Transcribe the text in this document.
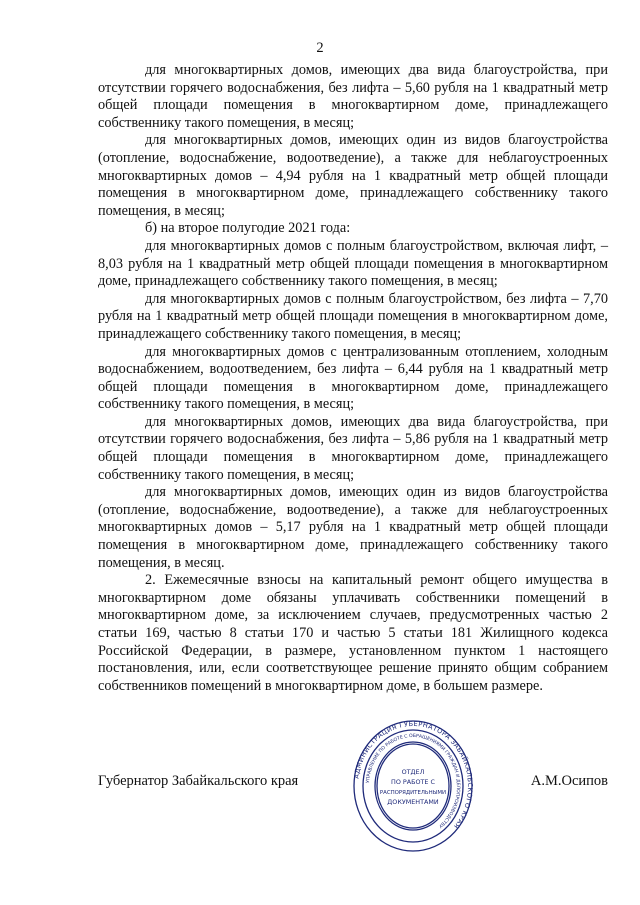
2

для многоквартирных домов, имеющих два вида благоустройства, при отсутствии горячего водоснабжения, без лифта – 5,60 рубля на 1 квадратный метр общей площади помещения в многоквартирном доме, принадлежащего собственнику такого помещения, в месяц;

для многоквартирных домов, имеющих один из видов благоустройства (отопление, водоснабжение, водоотведение), а также для неблагоустроенных многоквартирных домов – 4,94 рубля на 1 квадратный метр общей площади помещения в многоквартирном доме, принадлежащего собственнику такого помещения, в месяц;

б) на второе полугодие 2021 года:

для многоквартирных домов с полным благоустройством, включая лифт, – 8,03 рубля на 1 квадратный метр общей площади помещения в многоквартирном доме, принадлежащего собственнику такого помещения, в месяц;

для многоквартирных домов с полным благоустройством, без лифта – 7,70 рубля на 1 квадратный метр общей площади помещения в многоквартирном доме, принадлежащего собственнику такого помещения, в месяц;

для многоквартирных домов с централизованным отоплением, холодным водоснабжением, водоотведением, без лифта – 6,44 рубля на 1 квадратный метр общей площади помещения в многоквартирном доме, принадлежащего собственнику такого помещения, в месяц;

для многоквартирных домов, имеющих два вида благоустройства, при отсутствии горячего водоснабжения, без лифта – 5,86 рубля на 1 квадратный метр общей площади помещения в многоквартирном доме, принадлежащего собственнику такого помещения, в месяц;

для многоквартирных домов, имеющих один из видов благоустройства (отопление, водоснабжение, водоотведение), а также для неблагоустроенных многоквартирных домов – 5,17 рубля на 1 квадратный метр общей площади помещения в многоквартирном доме, принадлежащего собственнику такого помещения, в месяц.

2. Ежемесячные взносы на капитальный ремонт общего имущества в многоквартирном доме обязаны уплачивать собственники помещений в многоквартирном доме, за исключением случаев, предусмотренных частью 2 статьи 169, частью 8 статьи 170 и частью 5 статьи 181 Жилищного кодекса Российской Федерации, в размере, установленном пунктом 1 настоящего постановления, или, если соответствующее решение принято общим собранием собственников помещений в многоквартирном доме, в большем размере.

Губернатор Забайкальского края	А.М.Осипов
АДМИНИСТРАЦИЯ ГУБЕРНАТОРА ЗАБАЙКАЛЬСКОГО КРАЯ
УПРАВЛЕНИЕ ПО РАБОТЕ С ОБРАЩЕНИЯМИ ГРАЖДАН И ДЕЛОПРОИЗВОДСТВУ
ОТДЕЛ
ПО РАБОТЕ С
РАСПОРЯДИТЕЛЬНЫМИ
ДОКУМЕНТАМИ
